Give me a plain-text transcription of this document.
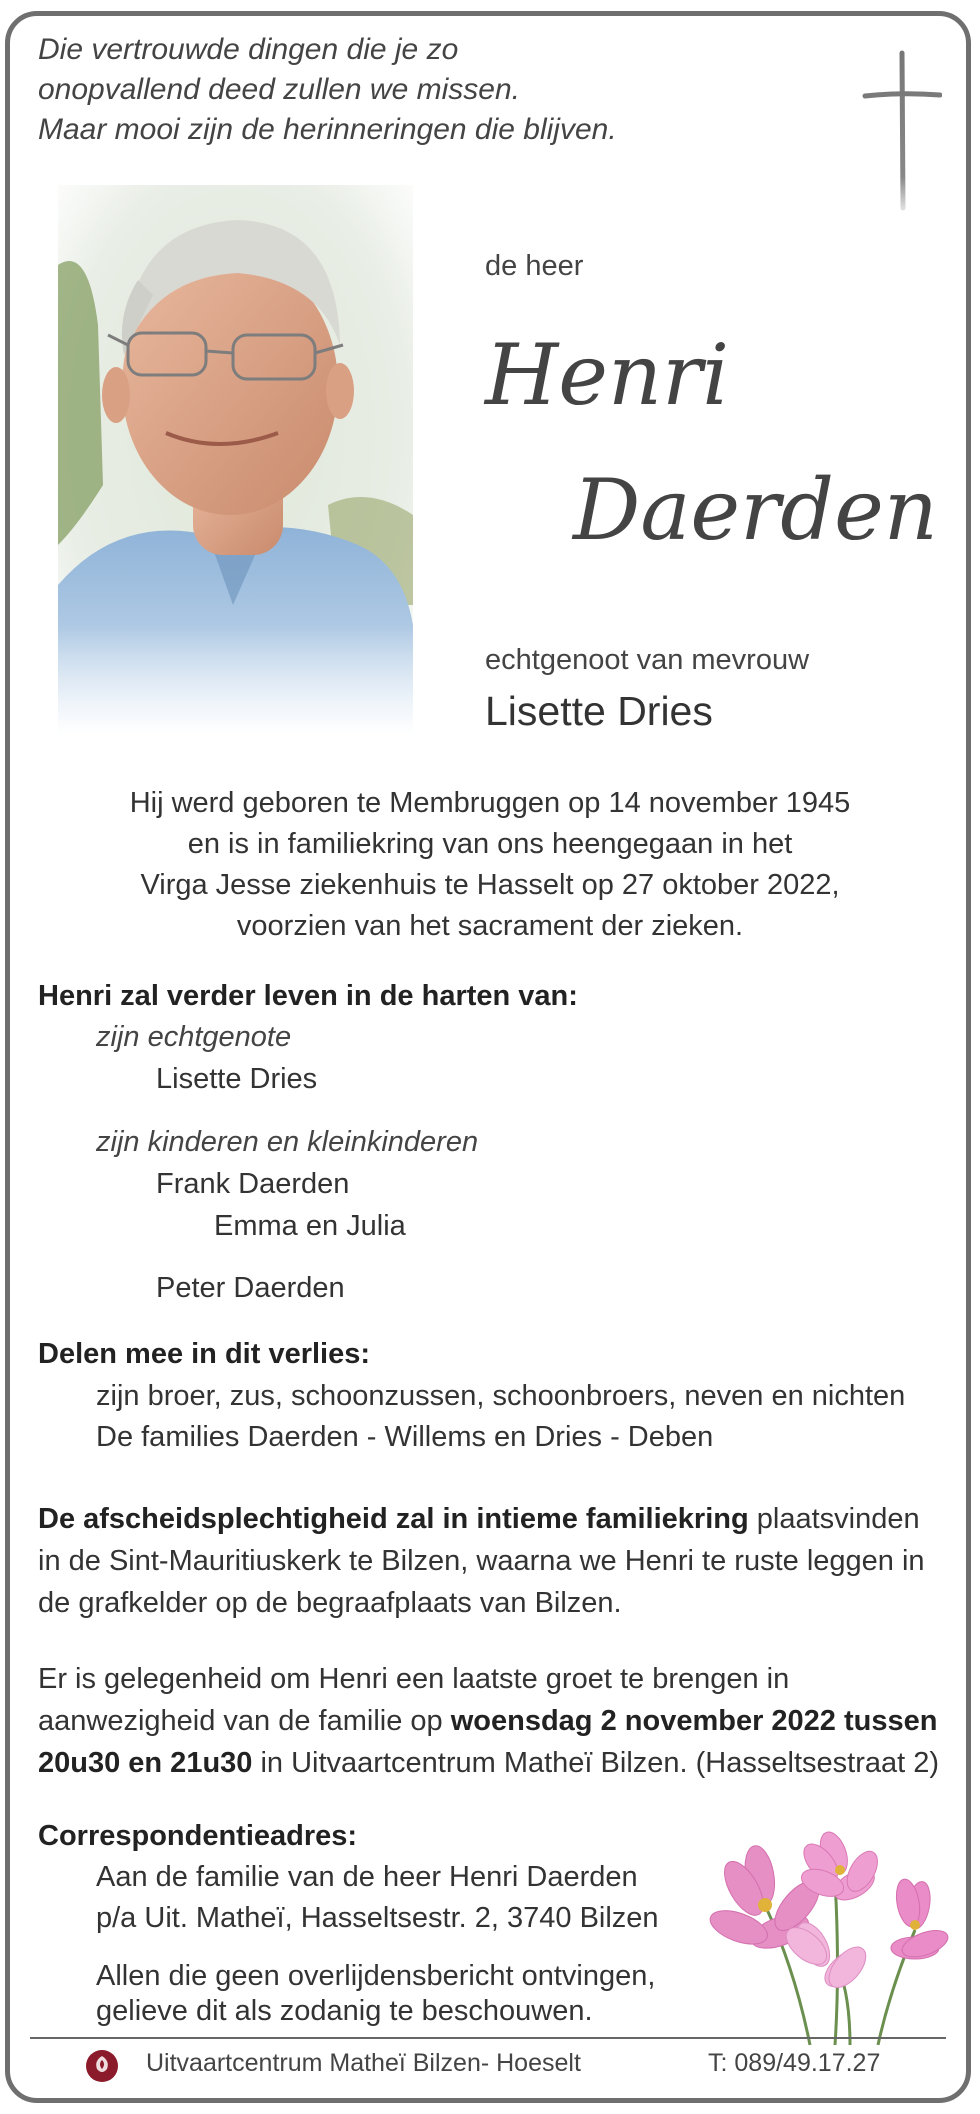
Die vertrouwde dingen die je zo
onopvallend deed zullen we missen.
Maar mooi zijn de herinneringen die blijven.
de heer
Henri
Daerden
echtgenoot van mevrouw
Lisette Dries
Hij werd geboren te Membruggen op 14 november 1945
en is in familiekring van ons heengegaan in het
Virga Jesse ziekenhuis te Hasselt op 27 oktober 2022,
voorzien van het sacrament der zieken.
Henri zal verder leven in de harten van:
zijn echtgenote
Lisette Dries
zijn kinderen en kleinkinderen
Frank Daerden
Emma en Julia
Peter Daerden
Delen mee in dit verlies:
zijn broer, zus, schoonzussen, schoonbroers, neven en nichten
De families Daerden - Willems en Dries - Deben
De afscheidsplechtigheid zal in intieme familiekring plaatsvinden in de Sint-Mauritiuskerk te Bilzen, waarna we Henri te ruste leggen in de grafkelder op de begraafplaats van Bilzen.
Er is gelegenheid om Henri een laatste groet te brengen in aanwezigheid van de familie op woensdag 2 november 2022 tussen 20u30 en 21u30 in Uitvaartcentrum Matheï Bilzen. (Hasseltsestraat 2)
Correspondentieadres:
Aan de familie van de heer Henri Daerden
p/a Uit. Matheï, Hasseltsestr. 2, 3740 Bilzen
Allen die geen overlijdensbericht ontvingen,
gelieve dit als zodanig te beschouwen.
Uitvaartcentrum Matheï Bilzen- Hoeselt	T: 089/49.17.27
